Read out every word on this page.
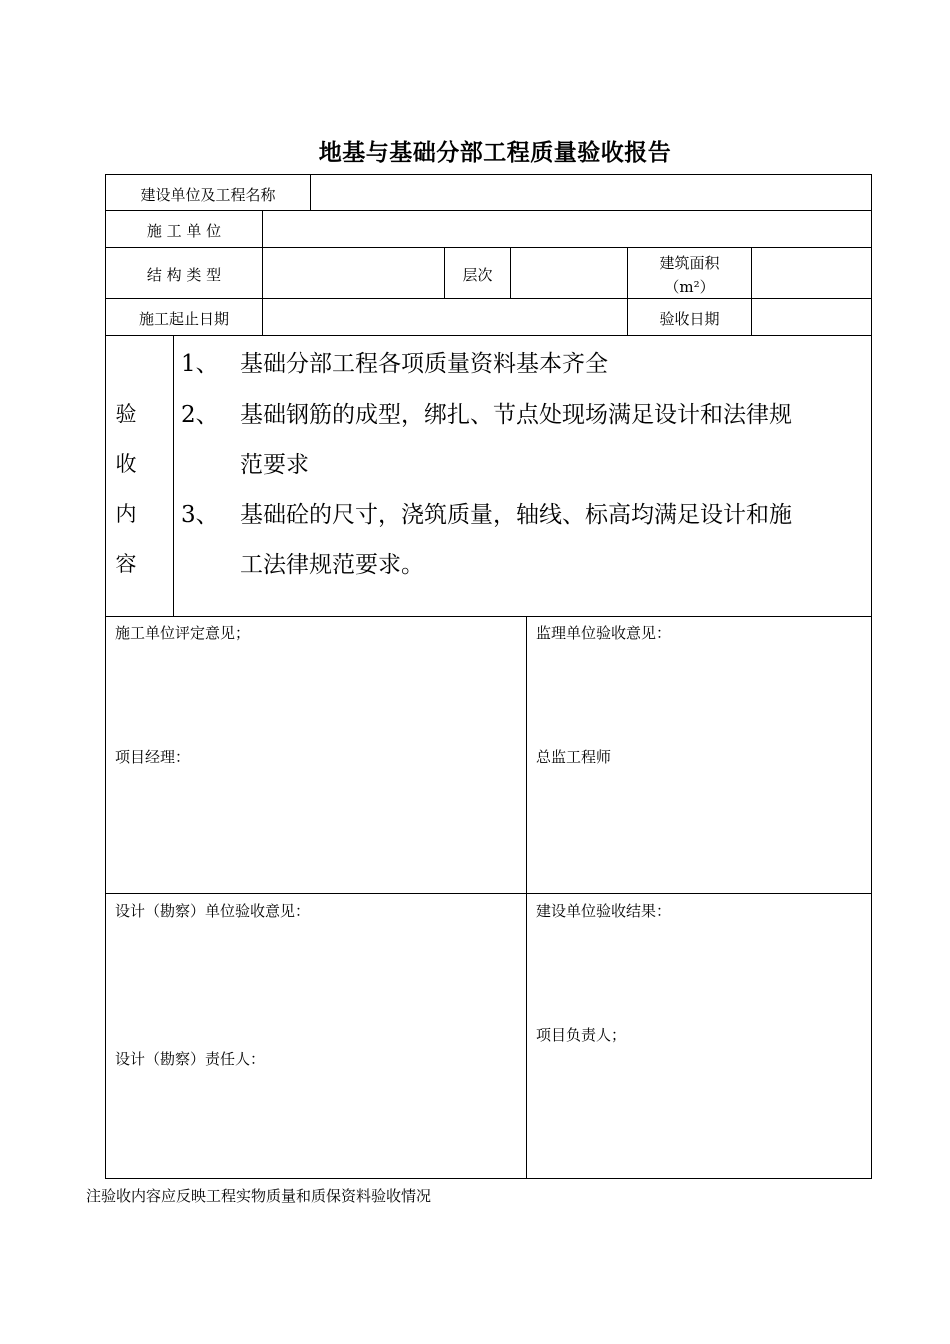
地基与基础分部工程质量验收报告
建设单位及工程名称
施 工 单 位
结 构 类 型	层次
建筑面积
（m²）
施工起止日期	验收日期
验
收
内
容
1、 基础分部工程各项质量资料基本齐全
2、 基础钢筋的成型，绑扎、节点处现场满足设计和法律规
范要求
3、 基础砼的尺寸，浇筑质量，轴线、标高均满足设计和施
工法律规范要求。
施工单位评定意见；
项目经理：
监理单位验收意见：
总监工程师
设计（勘察）单位验收意见：
设计（勘察）责任人：
建设单位验收结果：
项目负责人；
注验收内容应反映工程实物质量和质保资料验收情况
